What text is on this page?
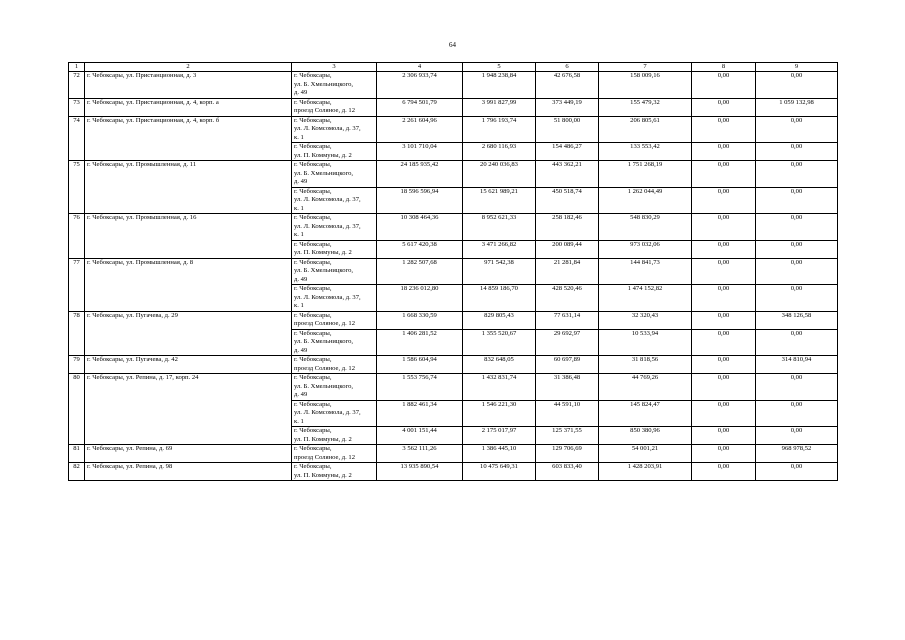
64
1	2	3	4	5	6	7	8	9
72	г. Чебоксары, ул. Пристанционная, д. 3	г. Чебоксары,
ул. Б. Хмельницкого,
д. 49	2 306 933,74	1 948 238,84	42 676,58	158 009,16	0,00	0,00
73	г. Чебоксары, ул. Пристанционная, д. 4, корп. а	г. Чебоксары,
проезд Соляное, д. 12	6 794 501,79	3 991 827,99	373 449,19	155 479,32	0,00	1 059 132,98
74	г. Чебоксары, ул. Пристанционная, д. 4, корп. б	г. Чебоксары,
ул. Л. Комсомола, д. 37,
к. 1	2 261 604,96	1 796 193,74	51 800,00	206 805,61	0,00	0,00

		г. Чебоксары,
ул. П. Коммуны, д. 2	3 101 710,04	2 680 116,93	154 486,27	133 553,42	0,00	0,00
75	г. Чебоксары, ул. Промышленная, д. 11	г. Чебоксары,
ул. Б. Хмельницкого,
д. 49	24 185 935,42	20 240 036,83	443 362,21	1 751 268,19	0,00	0,00

		г. Чебоксары,
ул. Л. Комсомола, д. 37,
к. 1	18 596 596,94	15 621 989,21	450 518,74	1 262 044,49	0,00	0,00
76	г. Чебоксары, ул. Промышленная, д. 16	г. Чебоксары,
ул. Л. Комсомола, д. 37,
к. 1	10 308 464,36	8 952 621,33	258 182,46	548 830,29	0,00	0,00

		г. Чебоксары,
ул. П. Коммуны, д. 2	5 617 420,38	3 471 266,82	200 089,44	973 032,06	0,00	0,00
77	г. Чебоксары, ул. Промышленная, д. 8	г. Чебоксары,
ул. Б. Хмельницкого,
д. 49	1 282 507,68	971 542,38	21 281,84	144 841,73	0,00	0,00

		г. Чебоксары,
ул. Л. Комсомола, д. 37,
к. 1	18 236 012,80	14 859 186,70	428 520,46	1 474 152,82	0,00	0,00
78	г. Чебоксары, ул. Пугачева, д. 29	г. Чебоксары,
проезд Соляное, д. 12	1 668 330,59	829 805,43	77 631,14	32 320,43	0,00	348 126,58

		г. Чебоксары,
ул. Б. Хмельницкого,
д. 49	1 406 281,52	1 355 520,67	29 692,97	10 533,94	0,00	0,00
79	г. Чебоксары, ул. Пугачева, д. 42	г. Чебоксары,
проезд Соляное, д. 12	1 586 604,94	832 648,05	60 697,89	31 818,56	0,00	314 810,94
80	г. Чебоксары, ул. Репина, д. 17, корп. 24	г. Чебоксары,
ул. Б. Хмельницкого,
д. 49	1 553 756,74	1 432 831,74	31 386,48	44 769,26	0,00	0,00

		г. Чебоксары,
ул. Л. Комсомола, д. 37,
к. 1	1 882 461,34	1 546 221,30	44 591,10	145 824,47	0,00	0,00

		г. Чебоксары,
ул. П. Коммуны, д. 2	4 001 151,44	2 175 017,97	125 371,55	850 380,96	0,00	0,00
81	г. Чебоксары, ул. Репина, д. 69	г. Чебоксары,
проезд Соляное, д. 12	3 562 111,26	1 386 445,10	129 706,69	54 001,21	0,00	968 978,52
82	г. Чебоксары, ул. Репина, д. 98	г. Чебоксары,
ул. П. Коммуны, д. 2	13 935 890,54	10 475 649,31	603 833,40	1 428 203,91	0,00	0,00
